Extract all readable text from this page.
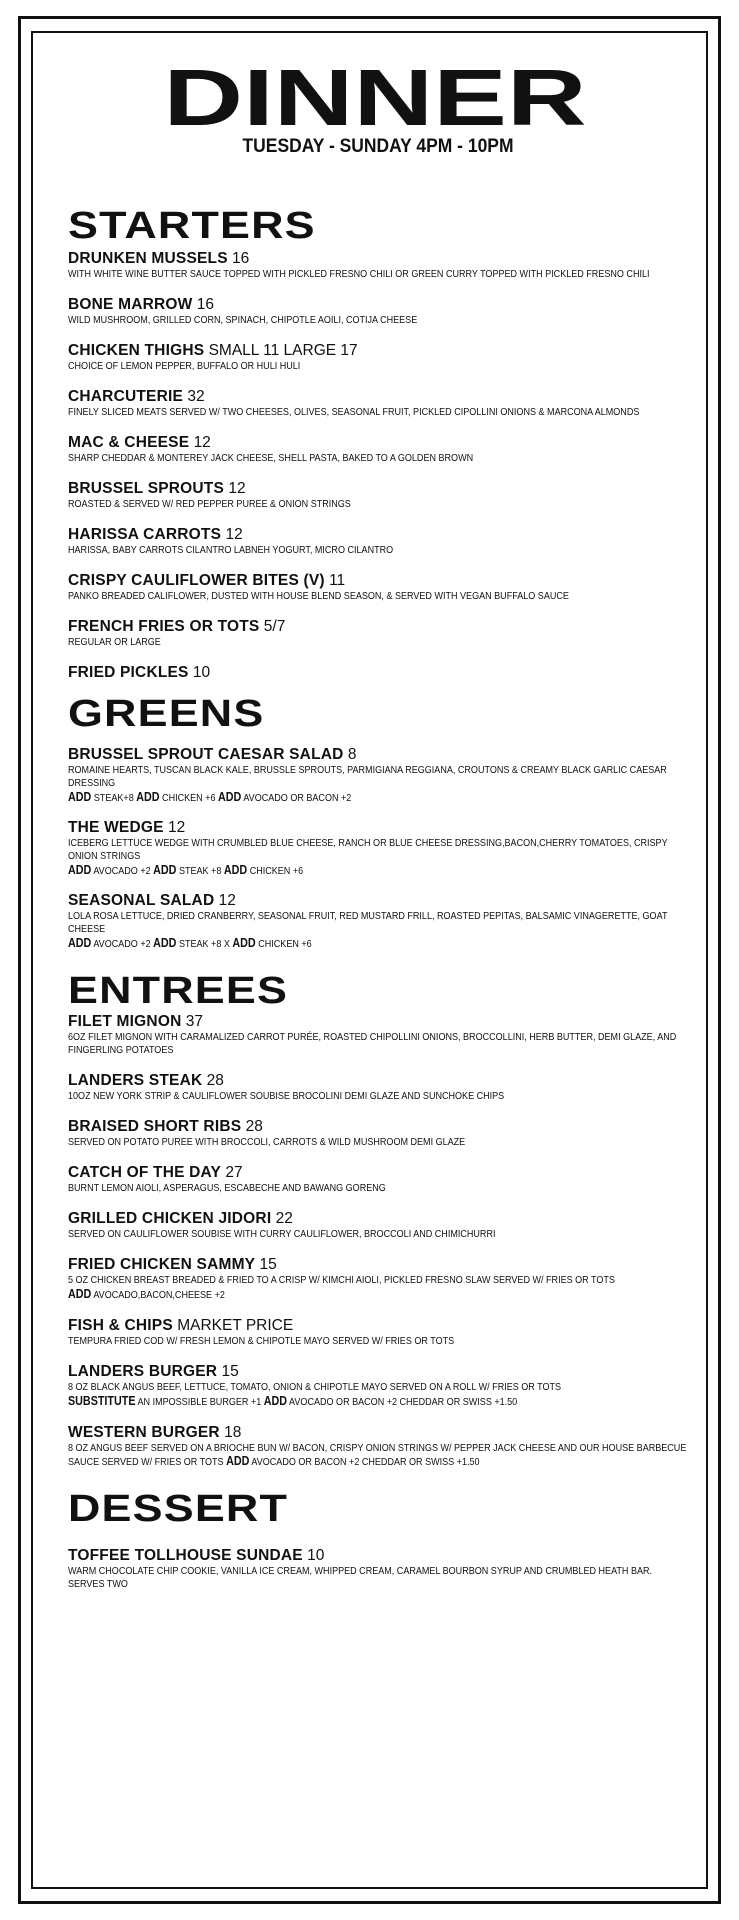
DINNER
TUESDAY - SUNDAY 4PM - 10PM
STARTERS
DRUNKEN MUSSELS 16
WITH WHITE WINE BUTTER SAUCE TOPPED WITH PICKLED FRESNO CHILI OR GREEN CURRY TOPPED WITH PICKLED FRESNO CHILI
BONE MARROW 16
WILD MUSHROOM, GRILLED CORN, SPINACH, CHIPOTLE AOILI, COTIJA CHEESE
CHICKEN THIGHS SMALL 11 LARGE 17
CHOICE OF LEMON PEPPER, BUFFALO OR HULI HULI
CHARCUTERIE 32
FINELY SLICED MEATS SERVED W/ TWO CHEESES, OLIVES, SEASONAL FRUIT, PICKLED CIPOLLINI ONIONS & MARCONA ALMONDS
MAC & CHEESE 12
SHARP CHEDDAR & MONTEREY JACK CHEESE, SHELL PASTA, BAKED TO A GOLDEN BROWN
BRUSSEL SPROUTS 12
ROASTED & SERVED W/ RED PEPPER PUREE & ONION STRINGS
HARISSA CARROTS 12
HARISSA, BABY CARROTS CILANTRO LABNEH YOGURT, MICRO CILANTRO
CRISPY CAULIFLOWER BITES (V) 11
PANKO BREADED CALIFLOWER, DUSTED WITH HOUSE BLEND SEASON, & SERVED WITH VEGAN BUFFALO SAUCE
FRENCH FRIES OR TOTS 5/7
REGULAR OR LARGE
FRIED PICKLES 10
GREENS
BRUSSEL SPROUT CAESAR SALAD 8
ROMAINE HEARTS, TUSCAN BLACK KALE, BRUSSLE SPROUTS, PARMIGIANA REGGIANA, CROUTONS & CREAMY BLACK GARLIC CAESAR DRESSING
ADD STEAK+8 ADD CHICKEN +6 ADD AVOCADO OR BACON +2
THE WEDGE 12
ICEBERG LETTUCE WEDGE WITH CRUMBLED BLUE CHEESE, RANCH OR BLUE CHEESE DRESSING,BACON,CHERRY TOMATOES, CRISPY ONION STRINGS
ADD AVOCADO +2 ADD STEAK +8 ADD CHICKEN +6
SEASONAL SALAD 12
LOLA ROSA LETTUCE, DRIED CRANBERRY, SEASONAL FRUIT, RED MUSTARD FRILL, ROASTED PEPITAS, BALSAMIC VINAGERETTE, GOAT CHEESE
ADD AVOCADO +2 ADD STEAK +8 X ADD CHICKEN +6
ENTREES
FILET MIGNON 37
6OZ FILET MIGNON WITH CARAMALIZED CARROT PURÉE, ROASTED CHIPOLLINI ONIONS, BROCCOLLINI, HERB BUTTER, DEMI GLAZE, AND FINGERLING POTATOES
LANDERS STEAK 28
10OZ NEW YORK STRIP & CAULIFLOWER SOUBISE BROCOLINI DEMI GLAZE AND SUNCHOKE CHIPS
BRAISED SHORT RIBS 28
SERVED ON POTATO PUREE WITH BROCCOLI, CARROTS & WILD MUSHROOM DEMI GLAZE
CATCH OF THE DAY 27
BURNT LEMON AIOLI, ASPERAGUS, ESCABECHE AND BAWANG GORENG
GRILLED CHICKEN JIDORI 22
SERVED ON CAULIFLOWER SOUBISE WITH CURRY CAULIFLOWER, BROCCOLI AND CHIMICHURRI
FRIED CHICKEN SAMMY 15
5 OZ CHICKEN BREAST BREADED & FRIED TO A CRISP W/ KIMCHI AIOLI, PICKLED FRESNO SLAW SERVED W/ FRIES OR TOTS
ADD AVOCADO,BACON,CHEESE +2
FISH & CHIPS MARKET PRICE
TEMPURA FRIED COD W/ FRESH LEMON & CHIPOTLE MAYO SERVED W/ FRIES OR TOTS
LANDERS BURGER 15
8 OZ BLACK ANGUS BEEF, LETTUCE, TOMATO, ONION & CHIPOTLE MAYO SERVED ON A ROLL W/ FRIES OR TOTS
SUBSTITUTE AN IMPOSSIBLE BURGER +1 ADD AVOCADO OR BACON +2 CHEDDAR OR SWISS +1.50
WESTERN BURGER 18
8 OZ ANGUS BEEF SERVED ON A BRIOCHE BUN W/ BACON, CRISPY ONION STRINGS W/ PEPPER JACK CHEESE AND OUR HOUSE BARBECUE SAUCE SERVED W/ FRIES OR TOTS ADD AVOCADO OR BACON +2 CHEDDAR OR SWISS +1.50
DESSERT
TOFFEE TOLLHOUSE SUNDAE 10
WARM CHOCOLATE CHIP COOKIE, VANILLA ICE CREAM, WHIPPED CREAM, CARAMEL BOURBON SYRUP AND CRUMBLED HEATH BAR. SERVES TWO
